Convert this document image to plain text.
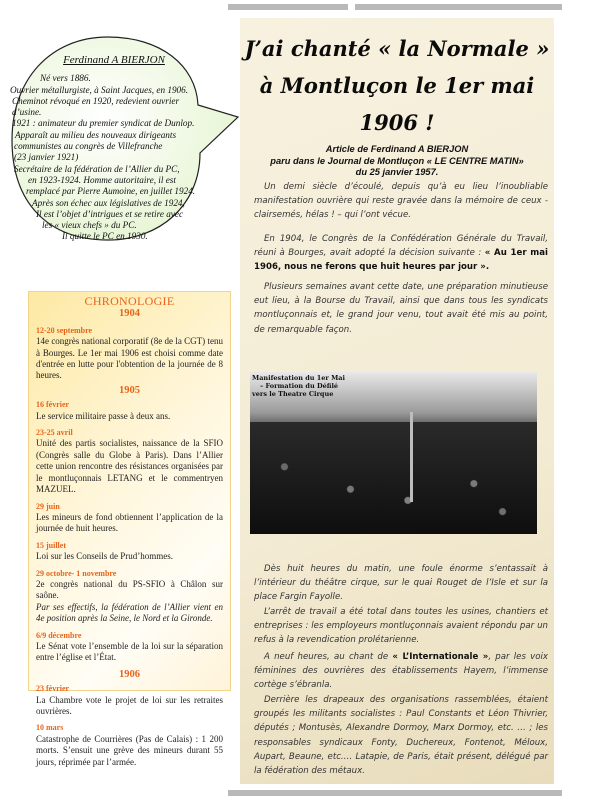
Ferdinand A BIERJON
Né vers 1886.
Ouvrier métallurgiste, à Saint Jacques, en 1906.
Cheminot révoqué en 1920, redevient ouvrier
d’usine.
1921 : animateur du premier syndicat de Dunlop.
Apparaît au milieu des nouveaux dirigeants
communistes au congrès de Villefranche
(23 janvier 1921)
Secrétaire de la fédération de l’Allier du PC,
en 1923-1924. Homme autoritaire, il est
remplacé par Pierre Aumoine, en juillet 1924.
Après son échec aux législatives de 1924,
Il est l’objet d’intrigues et se retire avec
les « vieux chefs » du PC.
Il quitte le PC en 1930.
CHRONOLOGIE
1904
12-20 septembre
14e congrès national corporatif (8e de la CGT) tenu à Bourges. Le 1er mai 1906 est choisi comme date d'entrée en lutte pour l'obtention de la journée de 8 heures.
1905
16 février
Le service militaire passe à deux ans.
23-25 avril
Unité des partis socialistes, naissance de la SFIO (Congrès salle du Globe à Paris). Dans l’Allier cette union rencontre des résistances organisées par le montluçonnais LETANG et le commentryen MAZUEL.
29 juin
Les mineurs de fond obtiennent l’application de la journée de huit heures.
15 juillet
Loi sur les Conseils de Prud’hommes.
29 octobre- 1 novembre
2e congrès national du PS-SFIO à Châlon sur saône.
Par ses effectifs, la fédération de l’Allier vient en 4e position après la Seine, le Nord et la Gironde.
6/9 décembre
Le Sénat vote l’ensemble de la loi sur la séparation entre l’église et l’État.
1906
23 février
La Chambre vote le projet de loi sur les retraites ouvrières.
10 mars
Catastrophe de Courrières (Pas de Calais) : 1 200 morts. S’ensuit une grève des mineurs durant 55 jours, réprimée par l’armée.
J’ai chanté « la Normale »
à Montluçon le 1er mai
1906 !
Article de Ferdinand A BIERJON
paru dans le Journal de Montluçon « LE CENTRE MATIN»
du 25 janvier 1957.
Un demi siècle d’écoulé, depuis qu’à eu lieu l’inoubliable manifestation ouvrière qui reste gravée dans la mémoire de ceux - clairsemés, hélas ! – qui l’ont vécue.
En 1904, le Congrès de la Confédération Générale du Travail, réuni à Bourges, avait adopté la décision suivante : « Au 1er mai 1906, nous ne ferons que huit heures par jour ».
Plusieurs semaines avant cette date, une préparation minutieuse eut lieu, à la Bourse du Travail, ainsi que dans tous les syndicats montluçonnais et, le grand jour venu, tout avait été mis au point, de remarquable façon.
Manifestation du 1er Mai
– Formation du Défilé
vers le Theatre Cirque
Dès huit heures du matin, une foule énorme s’entassait à l’intérieur du théâtre cirque, sur le quai Rouget de l’Isle et sur la place Fargin Fayolle.
L’arrêt de travail a été total dans toutes les usines, chantiers et entreprises : les employeurs montluçonnais avaient répondu par un refus à la revendication prolétarienne.
A neuf heures, au chant de « L’Internationale », par les voix féminines des ouvrières des établissements Hayem, l’immense cortège s’ébranla.
Derrière les drapeaux des organisations rassemblées, étaient groupés les militants socialistes : Paul Constants et Léon Thivrier, députés ; Montusès, Alexandre Dormoy, Marx Dormoy, etc. … ; les responsables syndicaux Fonty, Duchereux, Fontenot, Méloux, Aupart, Beaune, etc.… Latapie, de Paris, était présent, délégué par la fédération des métaux.
